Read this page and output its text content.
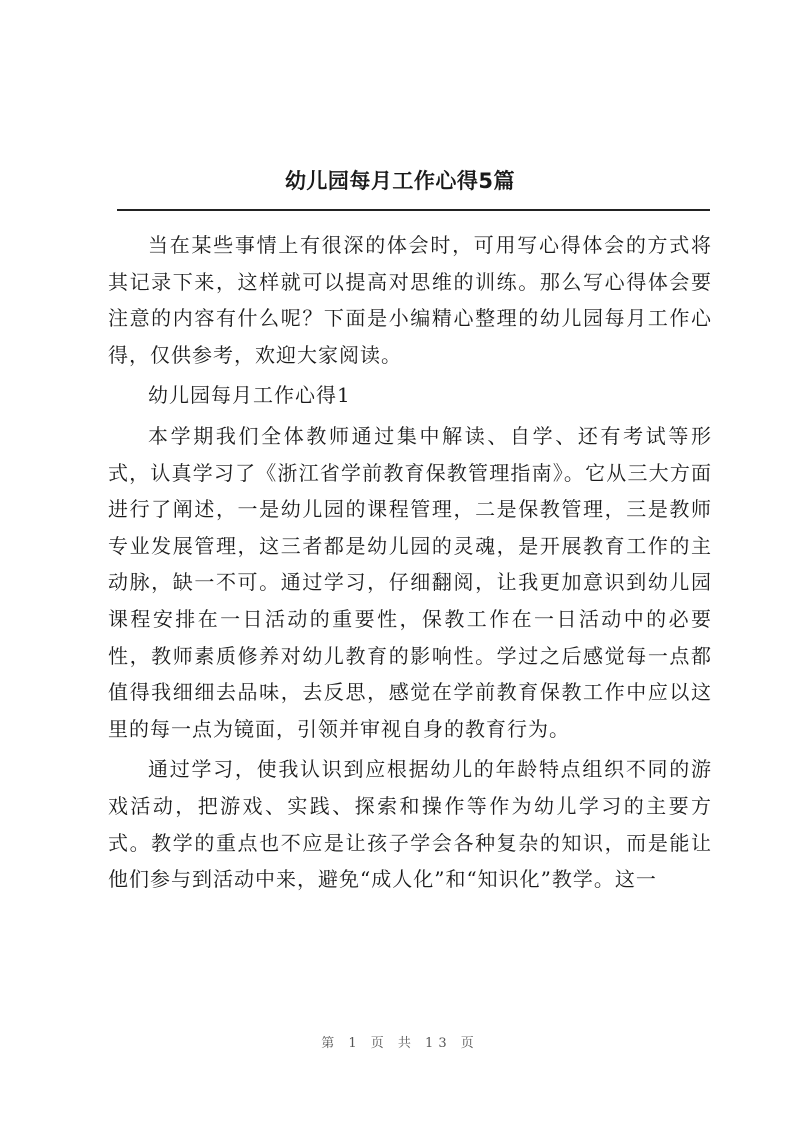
幼儿园每月工作心得5篇

当在某些事情上有很深的体会时，可用写心得体会的方式将其记录下来，这样就可以提高对思维的训练。那么写心得体会要注意的内容有什么呢？下面是小编精心整理的幼儿园每月工作心得，仅供参考，欢迎大家阅读。

幼儿园每月工作心得1

本学期我们全体教师通过集中解读、自学、还有考试等形式，认真学习了《浙江省学前教育保教管理指南》。它从三大方面进行了阐述，一是幼儿园的课程管理，二是保教管理，三是教师专业发展管理，这三者都是幼儿园的灵魂，是开展教育工作的主动脉，缺一不可。通过学习，仔细翻阅，让我更加意识到幼儿园课程安排在一日活动的重要性，保教工作在一日活动中的必要性，教师素质修养对幼儿教育的影响性。学过之后感觉每一点都值得我细细去品味，去反思，感觉在学前教育保教工作中应以这里的每一点为镜面，引领并审视自身的教育行为。

通过学习，使我认识到应根据幼儿的年龄特点组织不同的游戏活动，把游戏、实践、探索和操作等作为幼儿学习的主要方式。教学的重点也不应是让孩子学会各种复杂的知识，而是能让他们参与到活动中来，避免“成人化”和“知识化”教学。这一

第 1 页 共 13 页
